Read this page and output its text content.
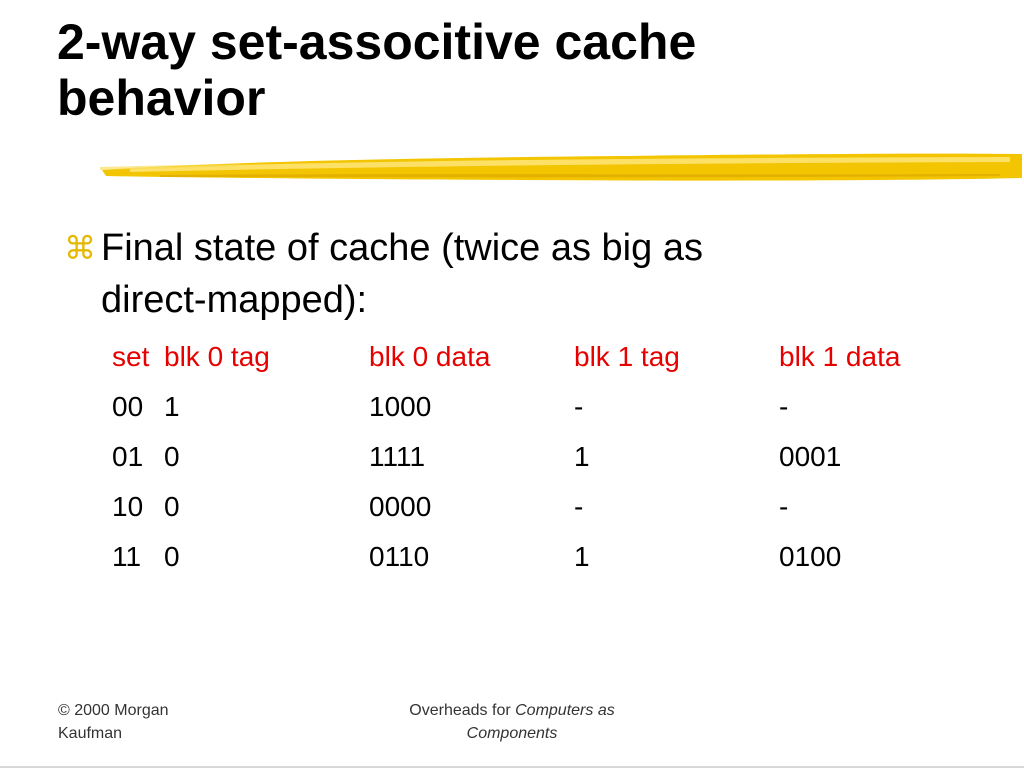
2-way set-associtive cache
behavior
⌘ Final state of cache (twice as big as
direct-mapped):
set	blk 0 tag	blk 0 data	blk 1 tag	blk 1 data
00	1	1000	-	-
01	0	1111	1	0001
10	0	0000	-	-
11	0	0110	1	0100
© 2000 Morgan
Kaufman
Overheads for Computers as
Components
